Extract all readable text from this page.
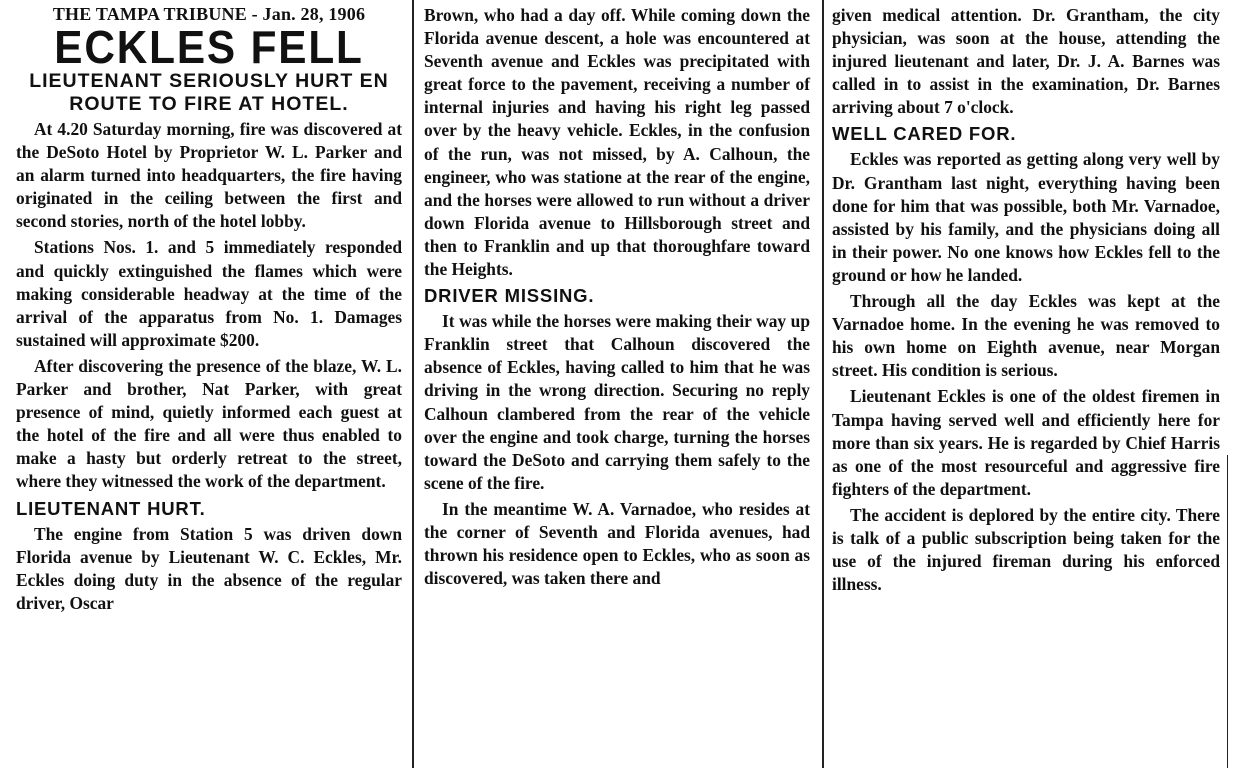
THE TAMPA TRIBUNE - Jan. 28, 1906
ECKLES FELL
LIEUTENANT SERIOUSLY HURT EN ROUTE TO FIRE AT HOTEL.

At 4.20 Saturday morning, fire was discovered at the DeSoto Hotel by Proprietor W. L. Parker and an alarm turned into headquarters, the fire having originated in the ceiling between the first and second stories, north of the hotel lobby.

Stations Nos. 1. and 5 immediately responded and quickly extinguished the flames which were making considerable headway at the time of the arrival of the apparatus from No. 1. Damages sustained will approximate $200.

After discovering the presence of the blaze, W. L. Parker and brother, Nat Parker, with great presence of mind, quietly informed each guest at the hotel of the fire and all were thus enabled to make a hasty but orderly retreat to the street, where they witnessed the work of the department.

LIEUTENANT HURT.

The engine from Station 5 was driven down Florida avenue by Lieutenant W. C. Eckles, Mr. Eckles doing duty in the absence of the regular driver, Oscar

Brown, who had a day off. While coming down the Florida avenue descent, a hole was encountered at Seventh avenue and Eckles was precipitated with great force to the pavement, receiving a number of internal injuries and having his right leg passed over by the heavy vehicle. Eckles, in the confusion of the run, was not missed, by A. Calhoun, the engineer, who was statione at the rear of the engine, and the horses were allowed to run without a driver down Florida avenue to Hillsborough street and then to Franklin and up that thoroughfare toward the Heights.

DRIVER MISSING.

It was while the horses were making their way up Franklin street that Calhoun discovered the absence of Eckles, having called to him that he was driving in the wrong direction. Securing no reply Calhoun clambered from the rear of the vehicle over the engine and took charge, turning the horses toward the DeSoto and carrying them safely to the scene of the fire.

In the meantime W. A. Varnadoe, who resides at the corner of Seventh and Florida avenues, had thrown his residence open to Eckles, who as soon as discovered, was taken there and

given medical attention. Dr. Grantham, the city physician, was soon at the house, attending the injured lieutenant and later, Dr. J. A. Barnes was called in to assist in the examination, Dr. Barnes arriving about 7 o'clock.

WELL CARED FOR.

Eckles was reported as getting along very well by Dr. Grantham last night, everything having been done for him that was possible, both Mr. Varnadoe, assisted by his family, and the physicians doing all in their power. No one knows how Eckles fell to the ground or how he landed.

Through all the day Eckles was kept at the Varnadoe home. In the evening he was removed to his own home on Eighth avenue, near Morgan street. His condition is serious.

Lieutenant Eckles is one of the oldest firemen in Tampa having served well and efficiently here for more than six years. He is regarded by Chief Harris as one of the most resourceful and aggressive fire fighters of the department.

The accident is deplored by the entire city. There is talk of a public subscription being taken for the use of the injured fireman during his enforced illness.
